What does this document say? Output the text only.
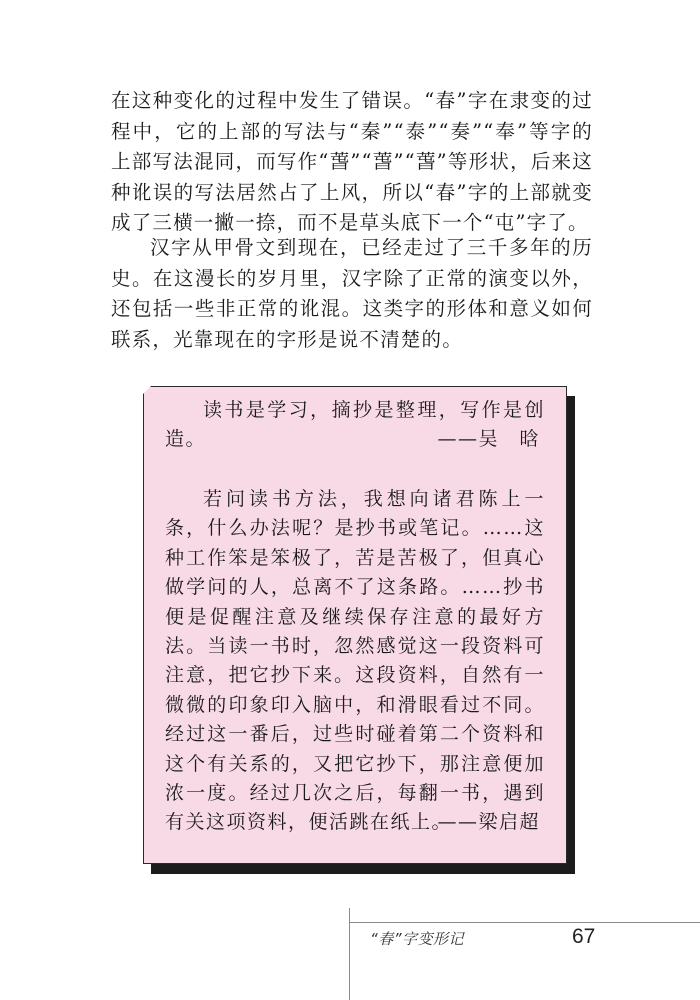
在这种变化的过程中发生了错误。“春”字在隶变的过程中，它的上部的写法与“秦”“泰”“奏”“奉”等字的上部写法混同，而写作“萅”“萅”“萅”等形状，后来这种讹误的写法居然占了上风，所以“春”字的上部就变成了三横一撇一捺，而不是草头底下一个“屯”字了。

汉字从甲骨文到现在，已经走过了三千多年的历史。在这漫长的岁月里，汉字除了正常的演变以外，还包括一些非正常的讹混。这类字的形体和意义如何联系，光靠现在的字形是说不清楚的。

读书是学习，摘抄是整理，写作是创造。	——吴　晗

若问读书方法，我想向诸君陈上一条，什么办法呢？是抄书或笔记。……这种工作笨是笨极了，苦是苦极了，但真心做学问的人，总离不了这条路。……抄书便是促醒注意及继续保存注意的最好方法。当读一书时，忽然感觉这一段资料可注意，把它抄下来。这段资料，自然有一微微的印象印入脑中，和滑眼看过不同。经过这一番后，过些时碰着第二个资料和这个有关系的，又把它抄下，那注意便加浓一度。经过几次之后，每翻一书，遇到有关这项资料，便活跳在纸上。

——梁启超

“春”字变形记	67
